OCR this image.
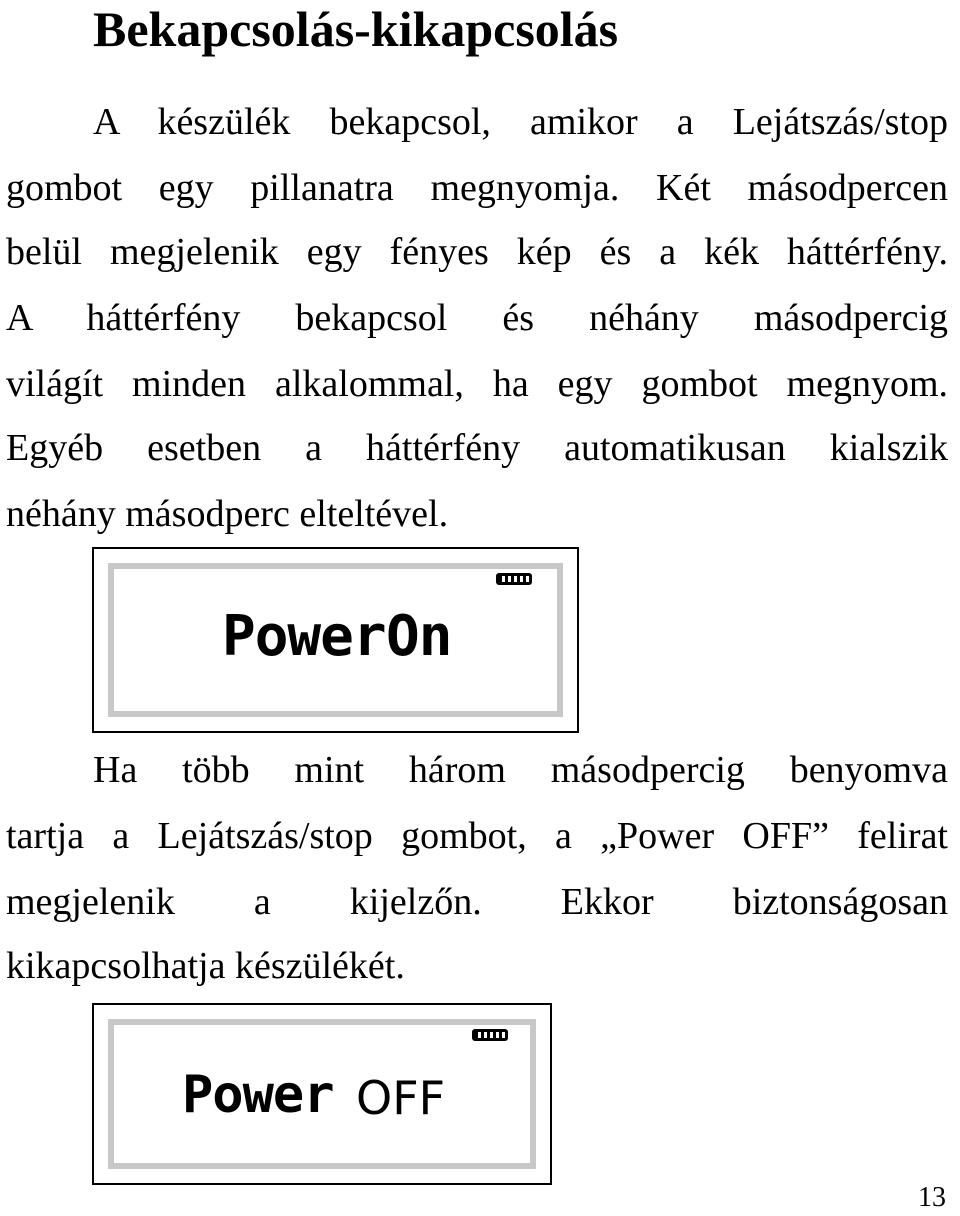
Bekapcsolás-kikapcsolás
A készülék bekapcsol, amikor a Lejátszás/stop
gombot egy pillanatra megnyomja. Két másodpercen
belül megjelenik egy fényes kép és a kék háttérfény.
A háttérfény bekapcsol és néhány másodpercig
világít minden alkalommal, ha egy gombot megnyom.
Egyéb esetben a háttérfény automatikusan kialszik
néhány másodperc elteltével.
Power On
Ha több mint három másodpercig benyomva
tartja a Lejátszás/stop gombot, a „Power OFF” felirat
megjelenik a kijelzőn. Ekkor biztonságosan
kikapcsolhatja készülékét.
Power OFF
13
